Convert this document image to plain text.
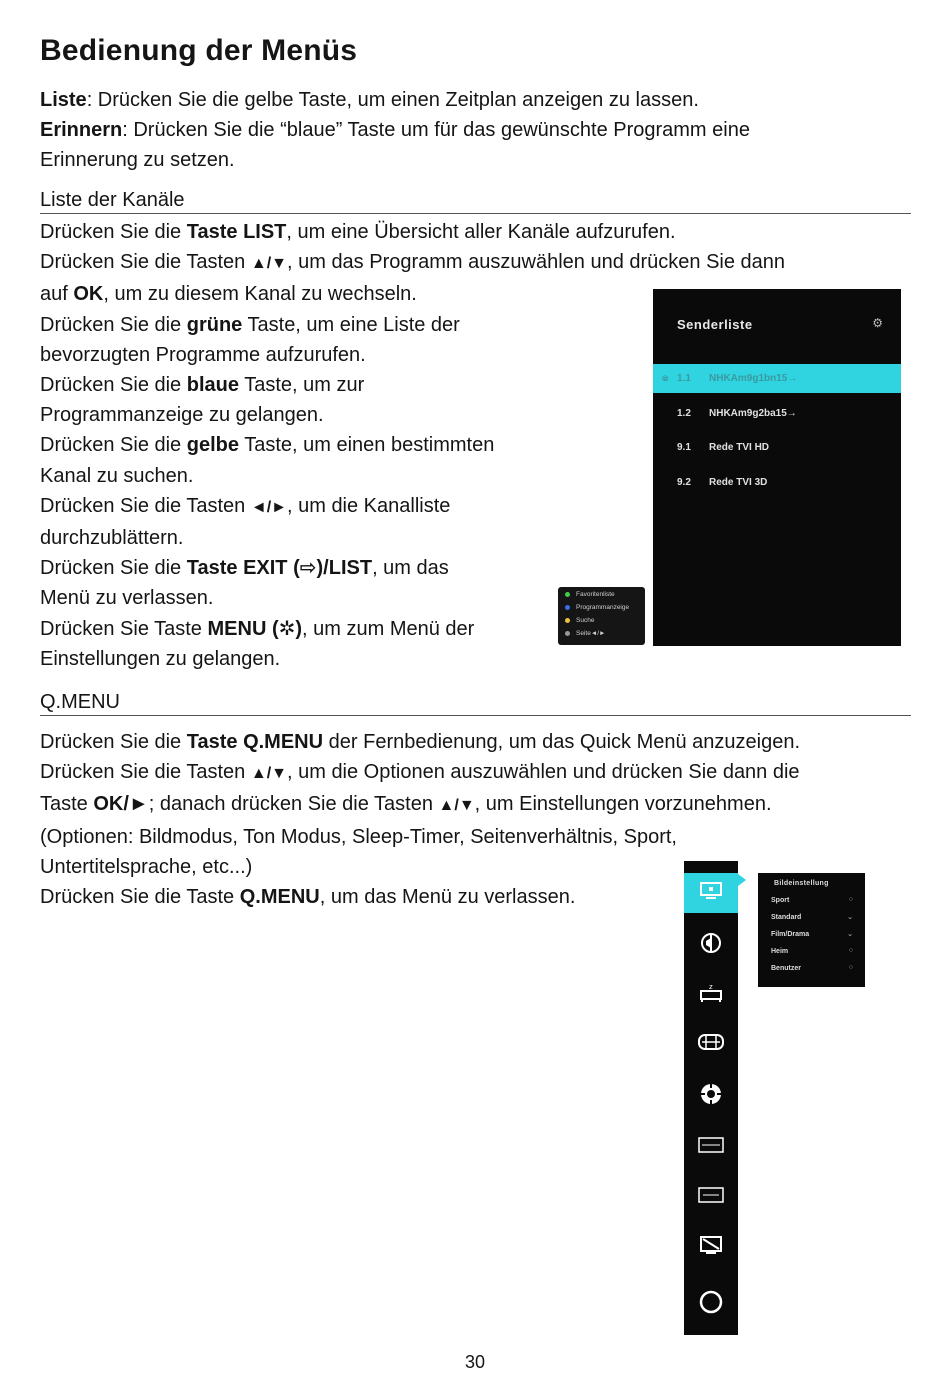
Bedienung der Menüs
Liste: Drücken Sie die gelbe Taste, um einen Zeitplan anzeigen zu lassen.
Erinnern: Drücken Sie die “blaue” Taste um für das gewünschte Programm eine
Erinnerung zu setzen.
Liste der Kanäle
Drücken Sie die Taste LIST, um eine Übersicht aller Kanäle aufzurufen.
Drücken Sie die Tasten ▲/▼, um das Programm auszuwählen und drücken Sie dann
auf OK, um zu diesem Kanal zu wechseln.
Drücken Sie die grüne Taste, um eine Liste der
bevorzugten Programme aufzurufen.
Drücken Sie die blaue Taste, um zur
Programmanzeige zu gelangen.
Drücken Sie die gelbe Taste, um einen bestimmten
Kanal zu suchen.
Drücken Sie die Tasten ◄/►, um die Kanalliste
durchzublättern.
Drücken Sie die Taste EXIT (⇨)/LIST, um das
Menü zu verlassen.
Drücken Sie Taste MENU (✲), um zum Menü der
Einstellungen zu gelangen.
Senderliste	⚙
⦾ 1.1 NHKAm9g1bn15→
1.2 NHKAm9g2ba15→
9.1 Rede TVI HD
9.2 Rede TVI 3D
Favoritenliste
Programmanzeige
Suche
Seite◄/►
Q.MENU
Drücken Sie die Taste Q.MENU der Fernbedienung, um das Quick Menü anzuzeigen.
Drücken Sie die Tasten ▲/▼, um die Optionen auszuwählen und drücken Sie dann die
Taste OK/►; danach drücken Sie die Tasten ▲/▼, um Einstellungen vorzunehmen.
(Optionen: Bildmodus, Ton Modus, Sleep-Timer, Seitenverhältnis, Sport,
Untertitelsprache, etc...)
Drücken Sie die Taste Q.MENU, um das Menü zu verlassen.
z
Bildeinstellung
Sport	○
Standard	⌄
Film/Drama	⌄
Heim	○
Benutzer	○
30
